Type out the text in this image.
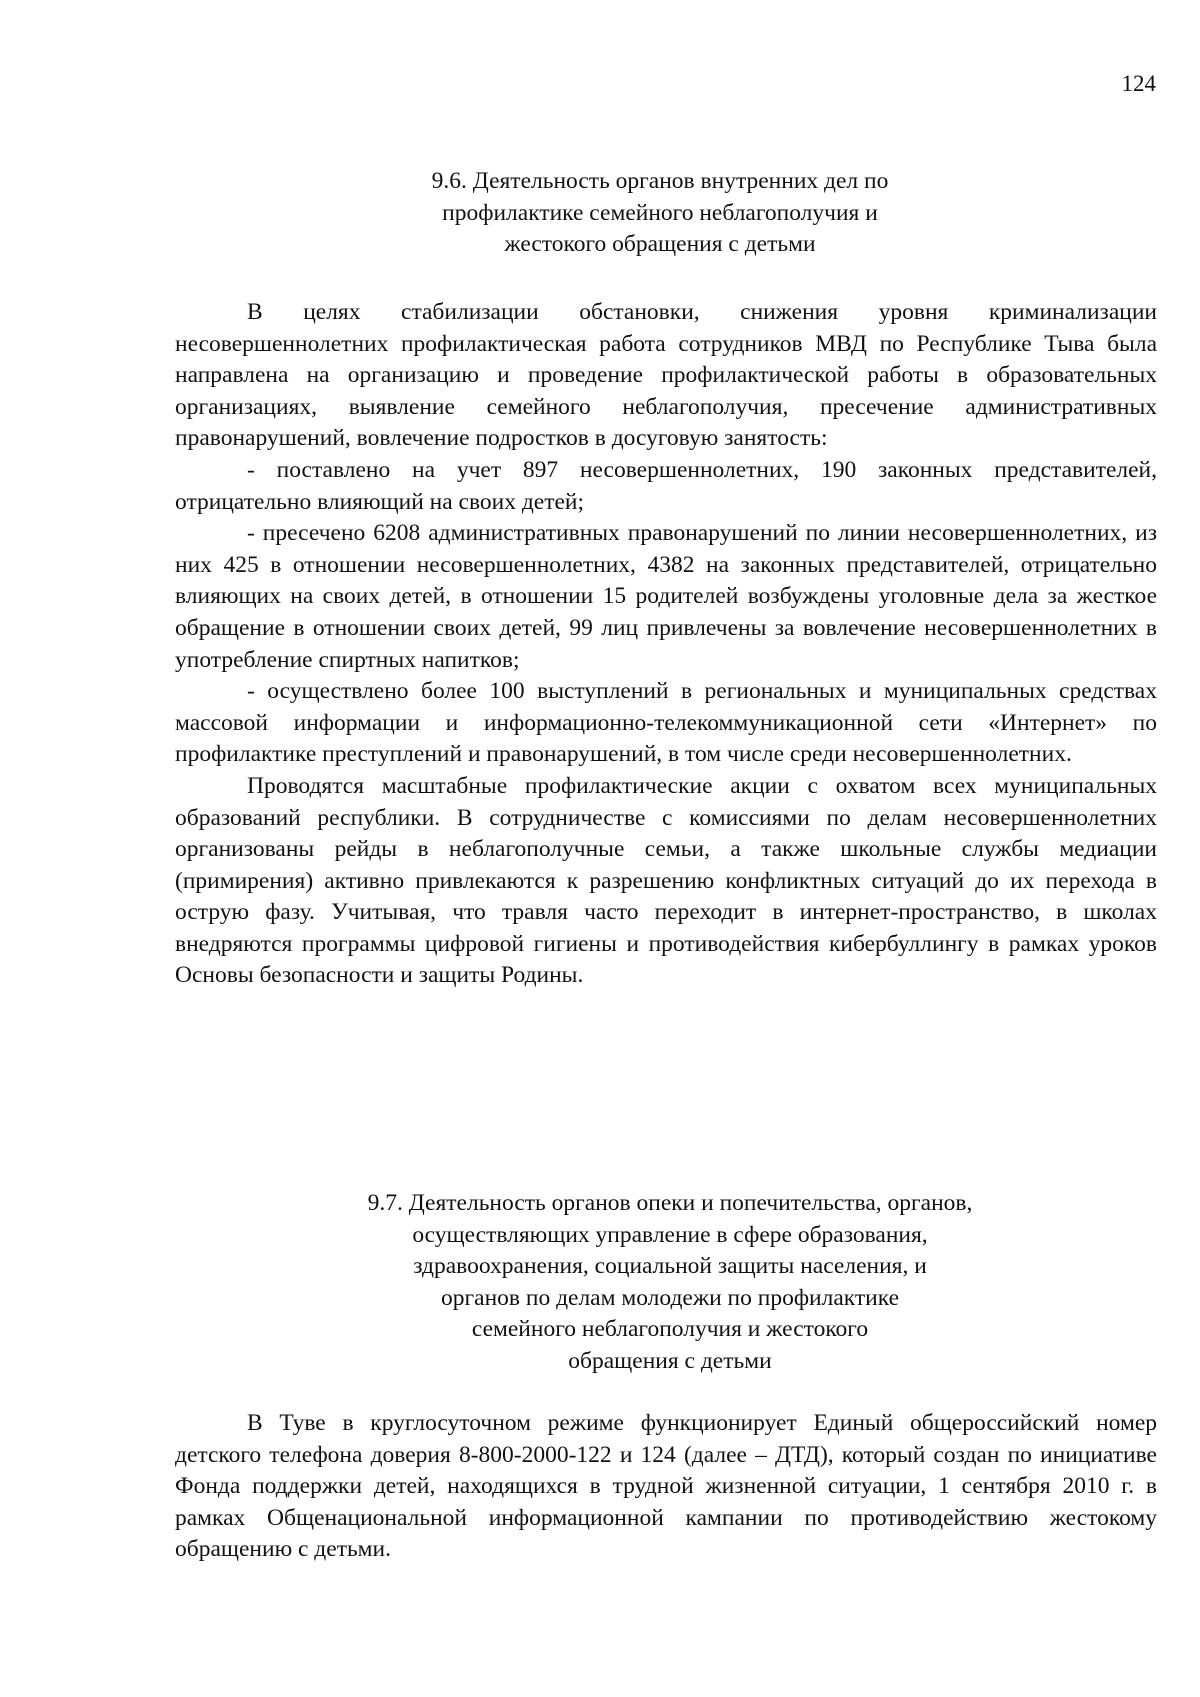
124
9.6. Деятельность органов внутренних дел по
профилактике семейного неблагополучия и
жестокого обращения с детьми

В целях стабилизации обстановки, снижения уровня криминализации несовершеннолетних профилактическая работа сотрудников МВД по Республике Тыва была направлена на организацию и проведение профилактической работы в образовательных организациях, выявление семейного неблагополучия, пресечение административных правонарушений, вовлечение подростков в досуговую занятость:

- поставлено на учет 897 несовершеннолетних, 190 законных представителей, отрицательно влияющий на своих детей;

- пресечено 6208 административных правонарушений по линии несовершеннолетних, из них 425 в отношении несовершеннолетних, 4382 на законных представителей, отрицательно влияющих на своих детей, в отношении 15 родителей возбуждены уголовные дела за жесткое обращение в отношении своих детей, 99 лиц привлечены за вовлечение несовершеннолетних в употребление спиртных напитков;

- осуществлено более 100 выступлений в региональных и муниципальных средствах массовой информации и информационно-телекоммуникационной сети «Интернет» по профилактике преступлений и правонарушений, в том числе среди несовершеннолетних.

Проводятся масштабные профилактические акции с охватом всех муниципальных образований республики. В сотрудничестве с комиссиями по делам несовершеннолетних организованы рейды в неблагополучные семьи, а также школьные службы медиации (примирения) активно привлекаются к разрешению конфликтных ситуаций до их перехода в острую фазу. Учитывая, что травля часто переходит в интернет-пространство, в школах внедряются программы цифровой гигиены и противодействия кибербуллингу в рамках уроков Основы безопасности и защиты Родины.

9.7. Деятельность органов опеки и попечительства, органов,
осуществляющих управление в сфере образования,
здравоохранения, социальной защиты населения, и
органов по делам молодежи по профилактике
семейного неблагополучия и жестокого
обращения с детьми

В Туве в круглосуточном режиме функционирует Единый общероссийский номер детского телефона доверия 8-800-2000-122 и 124 (далее – ДТД), который создан по инициативе Фонда поддержки детей, находящихся в трудной жизненной ситуации, 1 сентября 2010 г. в рамках Общенациональной информационной кампании по противодействию жестокому обращению с детьми.
